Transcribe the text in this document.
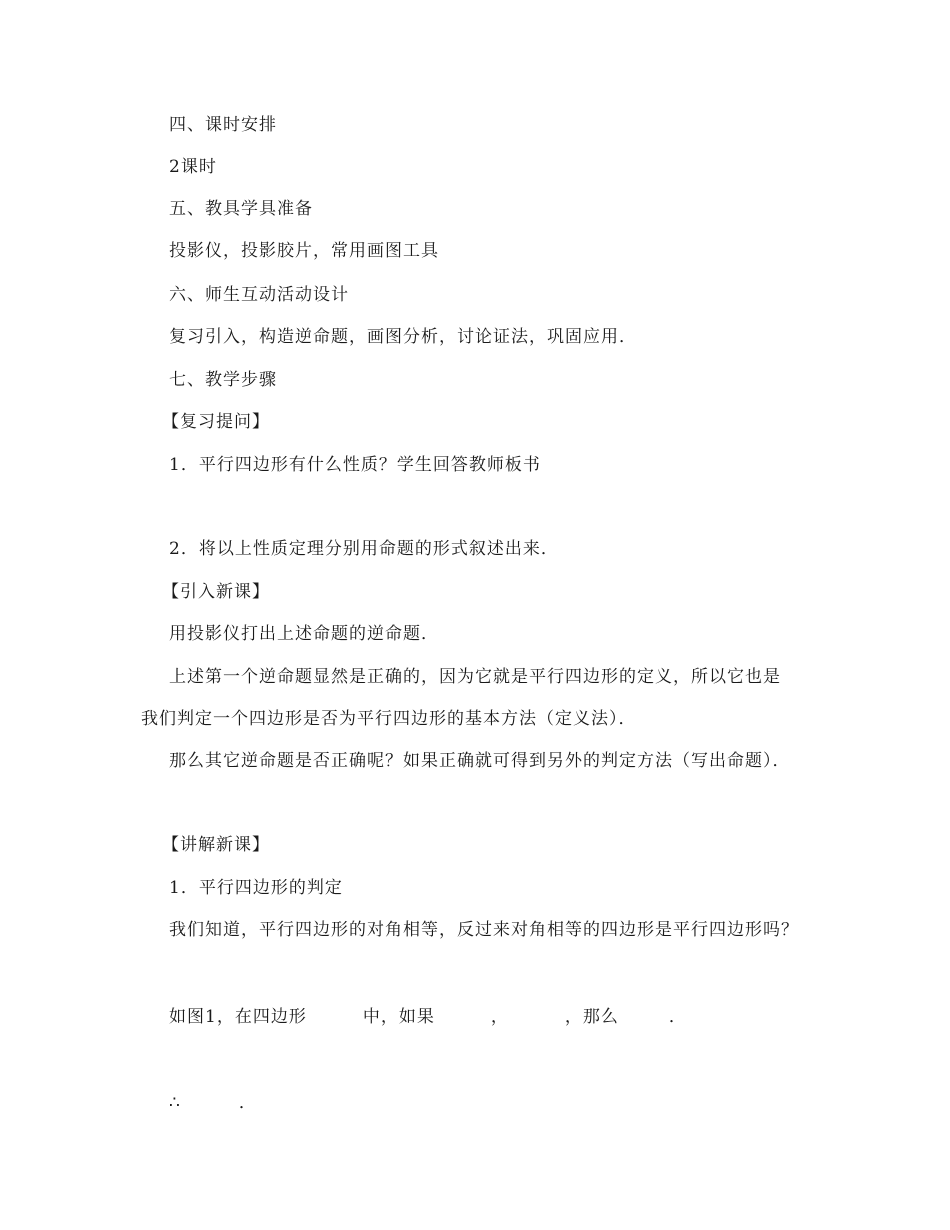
四、课时安排
2课时
五、教具学具准备
投影仪，投影胶片，常用画图工具
六、师生互动活动设计
复习引入，构造逆命题，画图分析，讨论证法，巩固应用．
七、教学步骤
【复习提问】
1．平行四边形有什么性质？学生回答教师板书
2．将以上性质定理分别用命题的形式叙述出来．
【引入新课】
用投影仪打出上述命题的逆命题．
上述第一个逆命题显然是正确的，因为它就是平行四边形的定义，所以它也是
我们判定一个四边形是否为平行四边形的基本方法（定义法）．
那么其它逆命题是否正确呢？如果正确就可得到另外的判定方法（写出命题）．
【讲解新课】
1．平行四边形的判定
我们知道，平行四边形的对角相等，反过来对角相等的四边形是平行四边形吗？
如图1，在四边形	中，如果	，	，那么	．
∴	．
